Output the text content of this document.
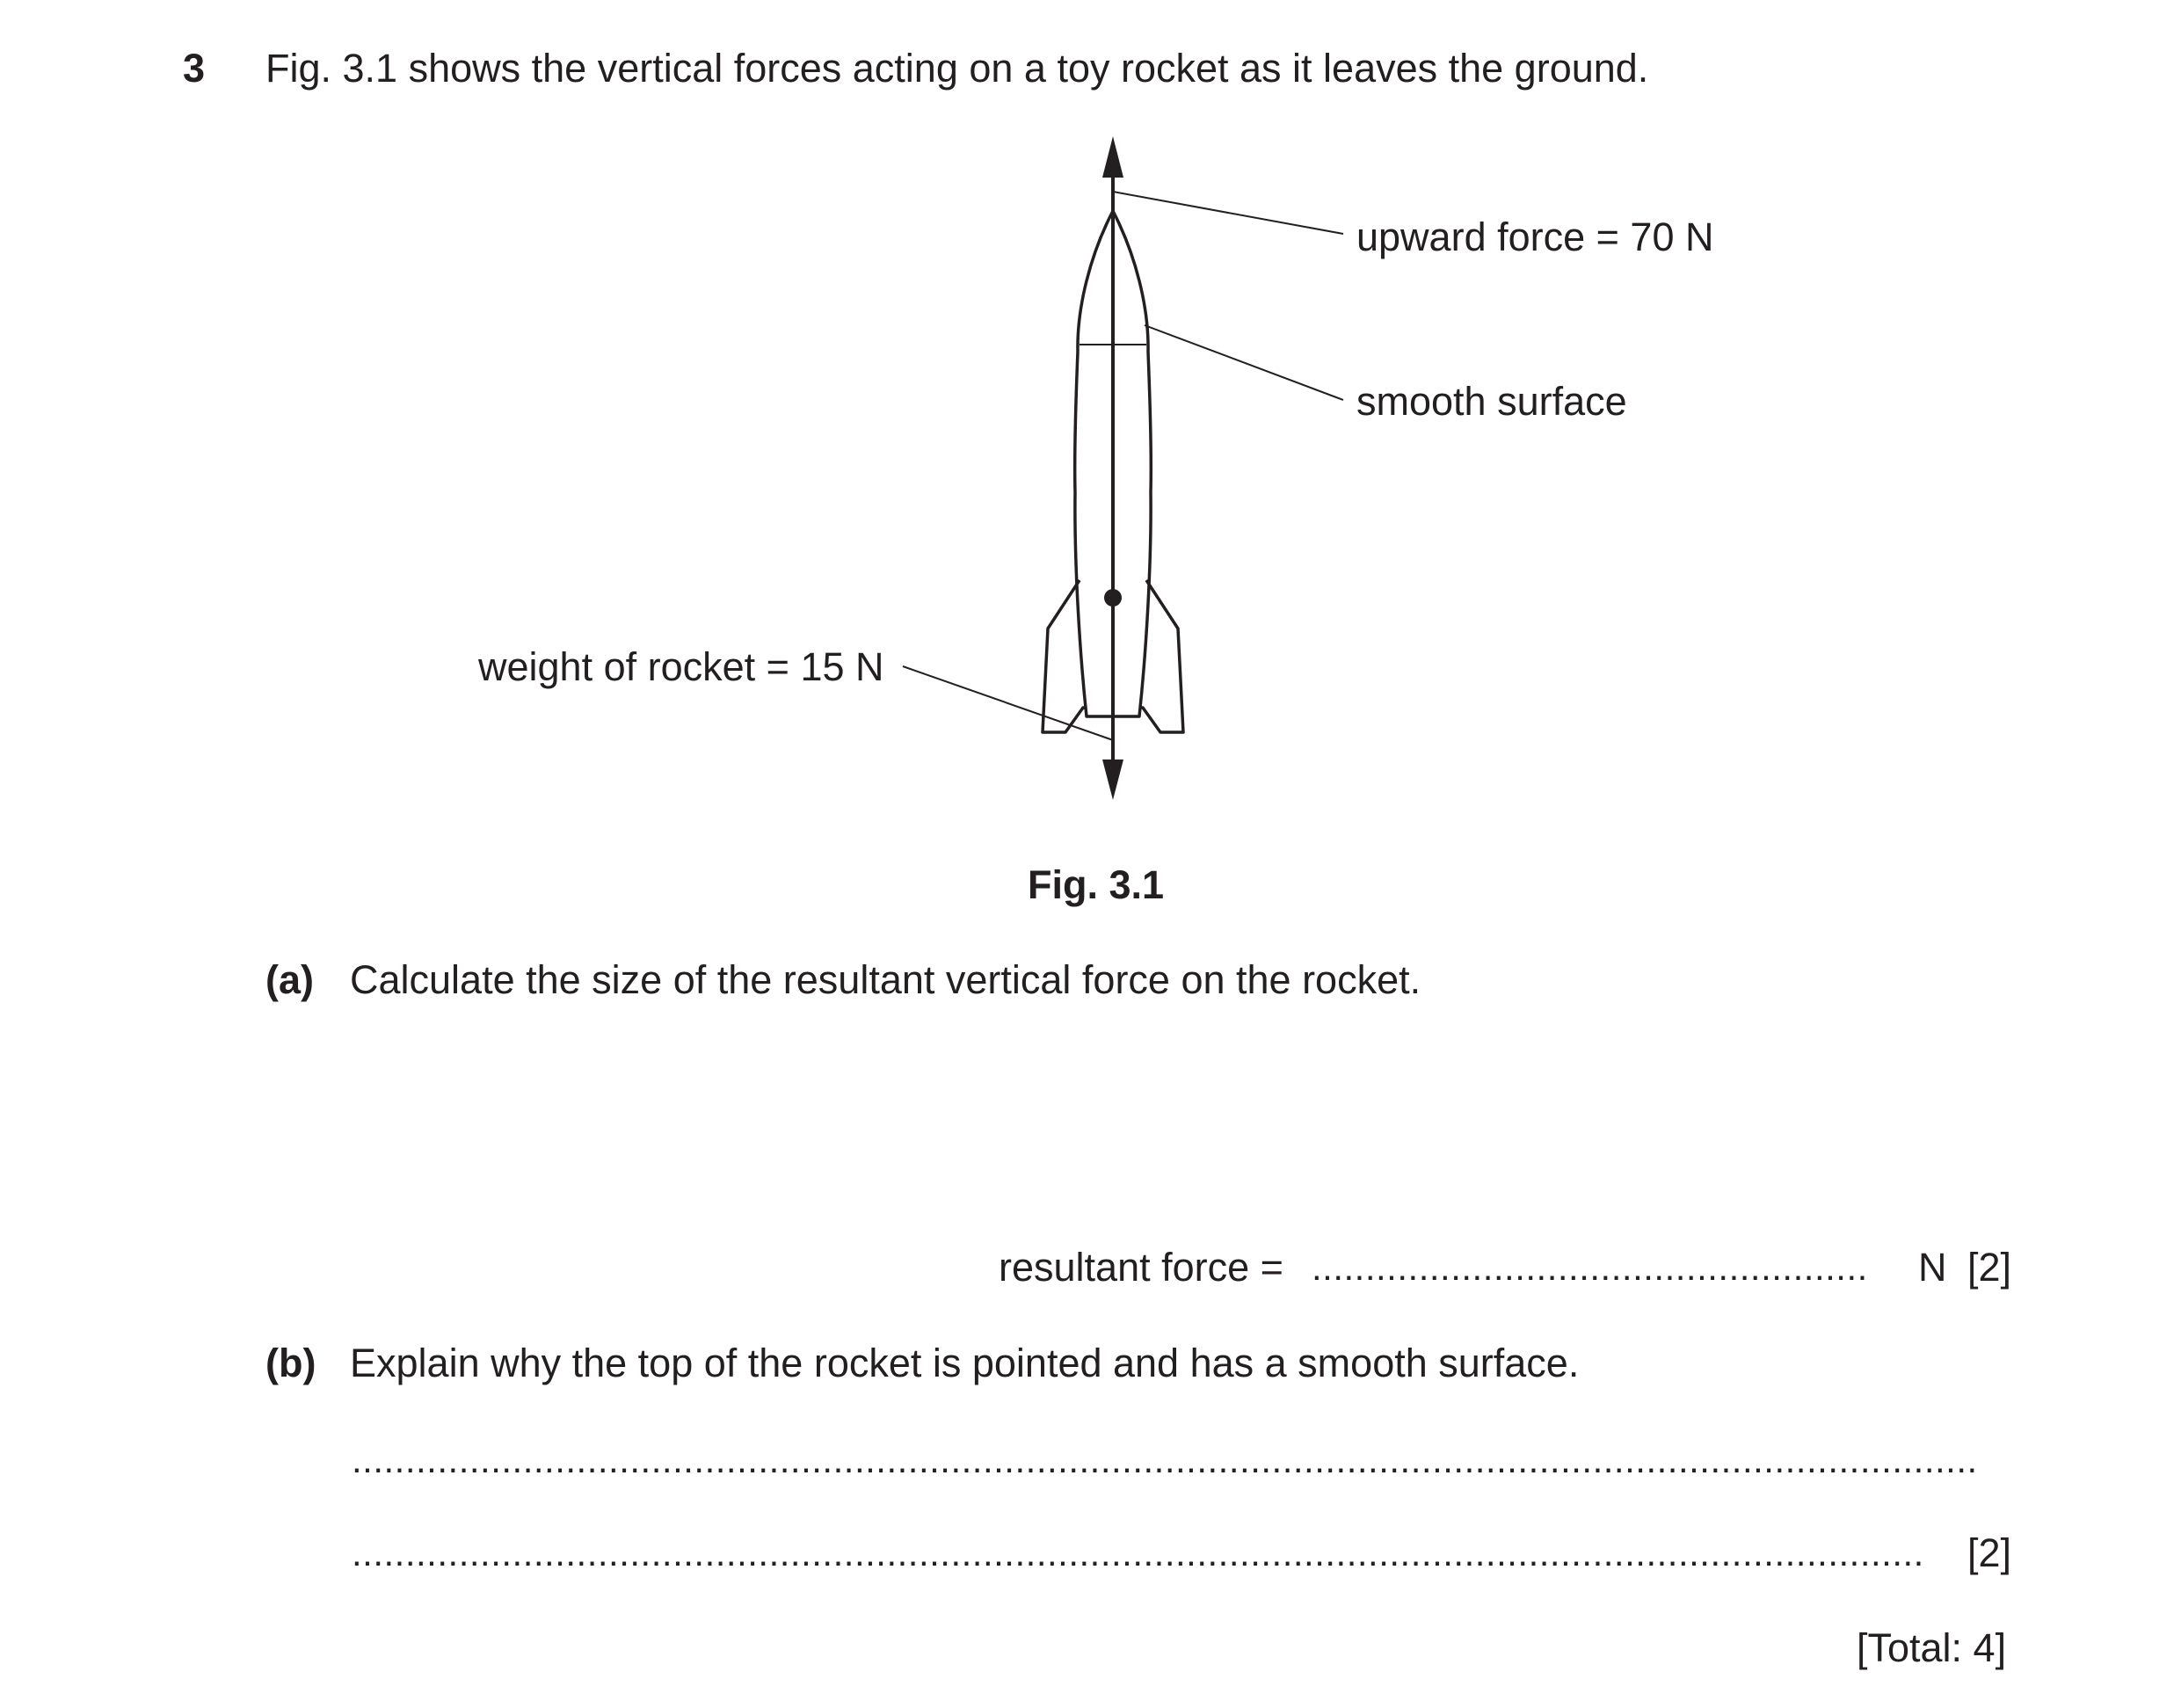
3 Fig. 3.1 shows the vertical forces acting on a toy rocket as it leaves the ground.
upward force = 70 N
smooth surface
weight of rocket = 15 N
Fig. 3.1
(a) Calculate the size of the resultant vertical force on the rocket.
resultant force = ....................................................	N [2]
(b) Explain why the top of the rocket is pointed and has a smooth surface.
........................................................................................................................................................
...................................................................................................................................................	[2]
[Total: 4]
